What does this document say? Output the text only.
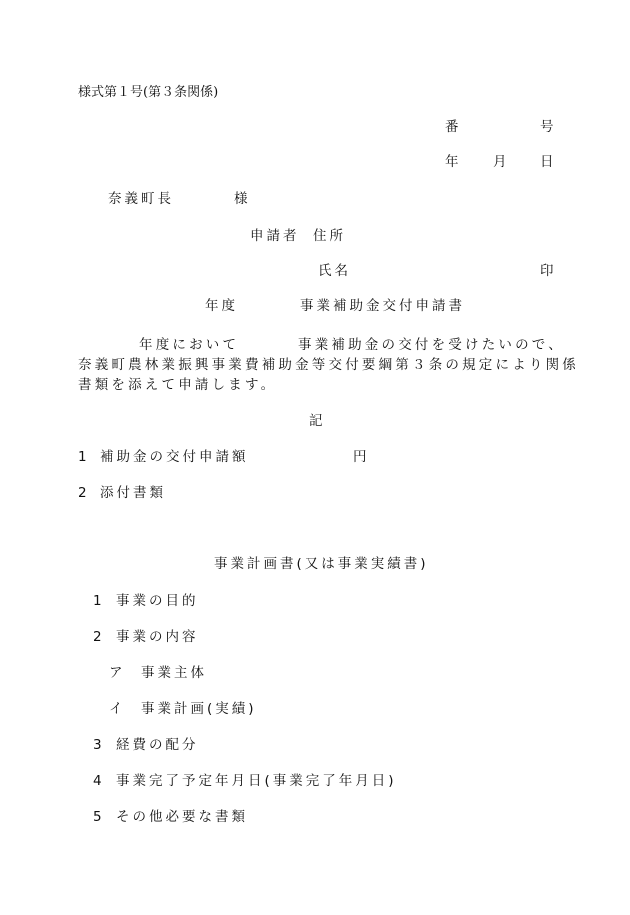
様式第１号(第３条関係)
番	号
年	月 日
奈義町長	様
申請者 住所
氏名	印
年度	事業補助金交付申請書
年度において	事業補助金の交付を受けたいので、
奈義町農林業振興事業費補助金等交付要綱第３条の規定により関係
書類を添えて申請します。
記
1 補助金の交付申請額	円
2 添付書類
事業計画書(又は事業実績書)
1 事業の目的
2 事業の内容
ア 事業主体
イ 事業計画(実績)
3 経費の配分
4 事業完了予定年月日(事業完了年月日)
5 その他必要な書類
